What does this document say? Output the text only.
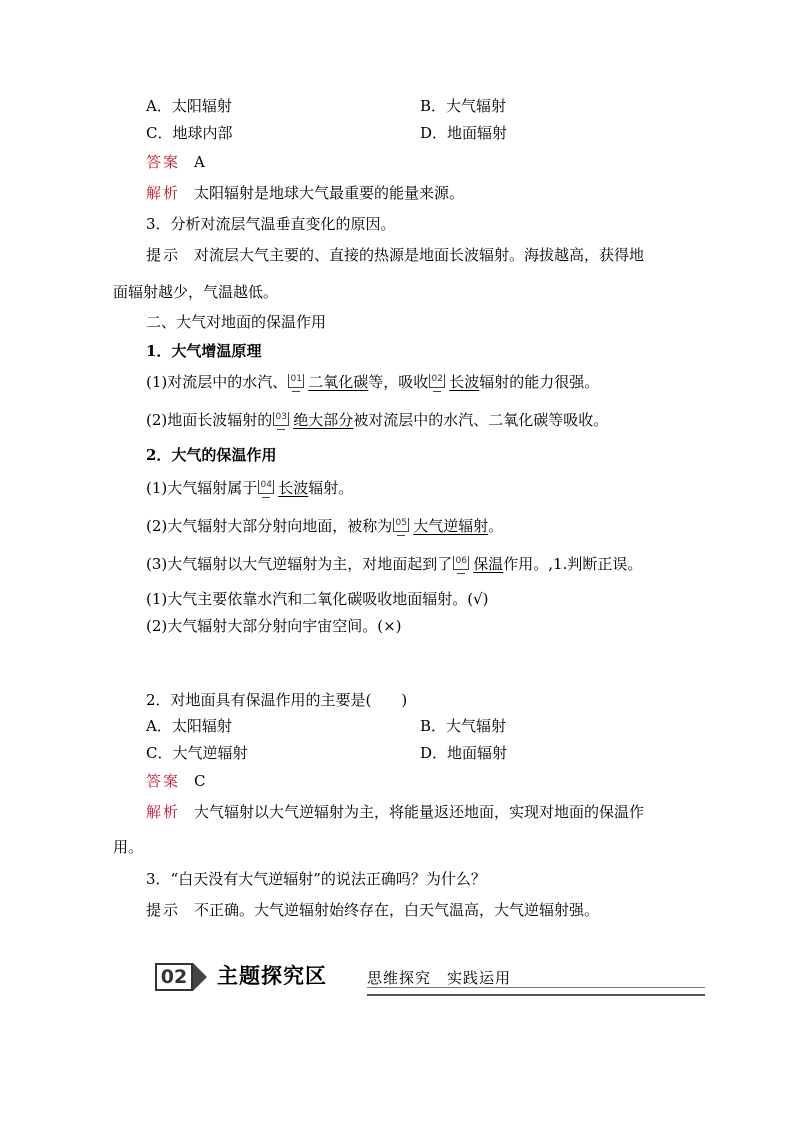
A．太阳辐射	B．大气辐射
C．地球内部	D．地面辐射
答案 A
解析 太阳辐射是地球大气最重要的能量来源。
3．分析对流层气温垂直变化的原因。
提示 对流层大气主要的、直接的热源是地面长波辐射。海拔越高，获得地
面辐射越少，气温越低。
二、大气对地面的保温作用
1．大气增温原理
(1)对流层中的水汽、 01 二氧化碳等，吸收 02 长波辐射的能力很强。
(2)地面长波辐射的 03 绝大部分被对流层中的水汽、二氧化碳等吸收。
2．大气的保温作用
(1)大气辐射属于 04 长波辐射。
(2)大气辐射大部分射向地面，被称为 05 大气逆辐射。
(3)大气辐射以大气逆辐射为主，对地面起到了 06 保温作用。,1.判断正误。
(1)大气主要依靠水汽和二氧化碳吸收地面辐射。(√)
(2)大气辐射大部分射向宇宙空间。(×)
2．对地面具有保温作用的主要是(　　)
A．太阳辐射	B．大气辐射
C．大气逆辐射	D．地面辐射
答案 C
解析 大气辐射以大气逆辐射为主，将能量返还地面，实现对地面的保温作
用。
3．“白天没有大气逆辐射”的说法正确吗？为什么？
提示 不正确。大气逆辐射始终存在，白天气温高，大气逆辐射强。
02 主题探究区	思维探究　实践运用
